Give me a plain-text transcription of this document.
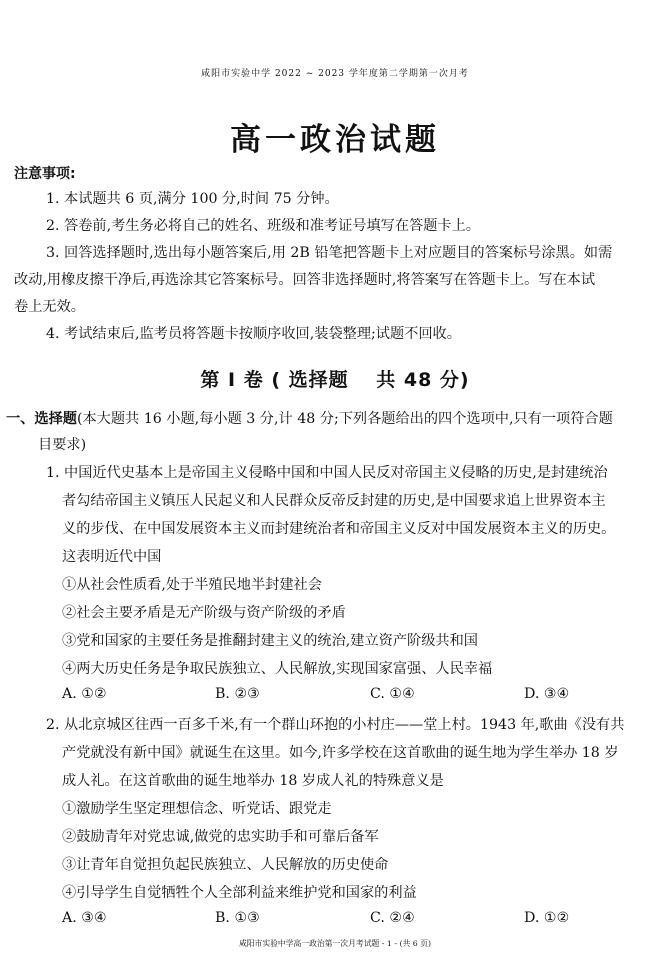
咸阳市实验中学 2022 ~ 2023 学年度第二学期第一次月考
高一政治试题
注意事项:
1. 本试题共 6 页,满分 100 分,时间 75 分钟。
2. 答卷前,考生务必将自己的姓名、班级和准考证号填写在答题卡上。
3. 回答选择题时,选出每小题答案后,用 2B 铅笔把答题卡上对应题目的答案标号涂黑。如需
改动,用橡皮擦干净后,再选涂其它答案标号。回答非选择题时,将答案写在答题卡上。写在本试
卷上无效。
4. 考试结束后,监考员将答题卡按顺序收回,装袋整理;试题不回收。
第 Ⅰ 卷 ( 选择题　 共 48 分)
一、选择题(本大题共 16 小题,每小题 3 分,计 48 分;下列各题给出的四个选项中,只有一项符合题
目要求)
1. 中国近代史基本上是帝国主义侵略中国和中国人民反对帝国主义侵略的历史,是封建统治
者勾结帝国主义镇压人民起义和人民群众反帝反封建的历史,是中国要求追上世界资本主
义的步伐、在中国发展资本主义而封建统治者和帝国主义反对中国发展资本主义的历史。
这表明近代中国
①从社会性质看,处于半殖民地半封建社会
②社会主要矛盾是无产阶级与资产阶级的矛盾
③党和国家的主要任务是推翻封建主义的统治,建立资产阶级共和国
④两大历史任务是争取民族独立、人民解放,实现国家富强、人民幸福
A. ①②	B. ②③	C. ①④	D. ③④
2. 从北京城区往西一百多千米,有一个群山环抱的小村庄——堂上村。1943 年,歌曲《没有共
产党就没有新中国》就诞生在这里。如今,许多学校在这首歌曲的诞生地为学生举办 18 岁
成人礼。在这首歌曲的诞生地举办 18 岁成人礼的特殊意义是
①激励学生坚定理想信念、听党话、跟党走
②鼓励青年对党忠诚,做党的忠实助手和可靠后备军
③让青年自觉担负起民族独立、人民解放的历史使命
④引导学生自觉牺牲个人全部利益来维护党和国家的利益
A. ③④	B. ①③	C. ②④	D. ①②
咸阳市实验中学高一政治第一次月考试题 - 1 - (共 6 页)
